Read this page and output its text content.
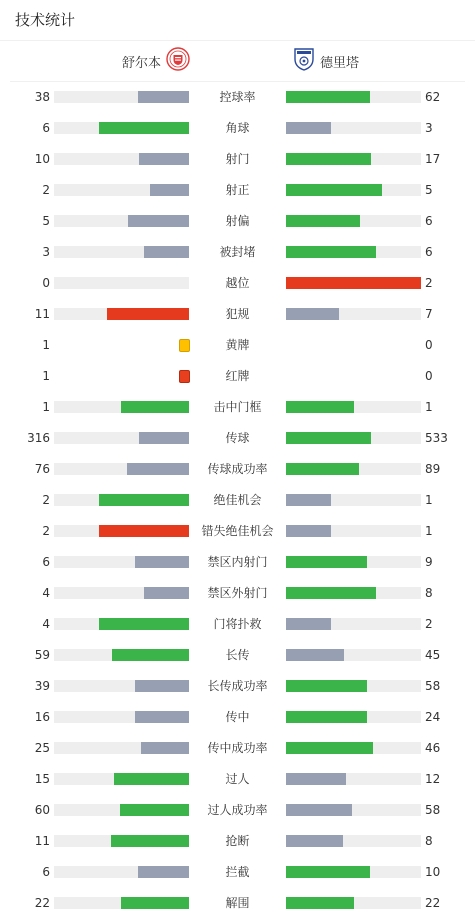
技术统计
舒尔本	德里塔
38	控球率	62
6	角球	3
10	射门	17
2	射正	5
5	射偏	6
3	被封堵	6
0	越位	2
11	犯规	7
1	黄牌	0
1	红牌	0
1	击中门框	1
316	传球	533
76	传球成功率	89
2	绝佳机会	1
2	错失绝佳机会	1
6	禁区内射门	9
4	禁区外射门	8
4	门将扑救	2
59	长传	45
39	长传成功率	58
16	传中	24
25	传中成功率	46
15	过人	12
60	过人成功率	58
11	抢断	8
6	拦截	10
22	解围	22
